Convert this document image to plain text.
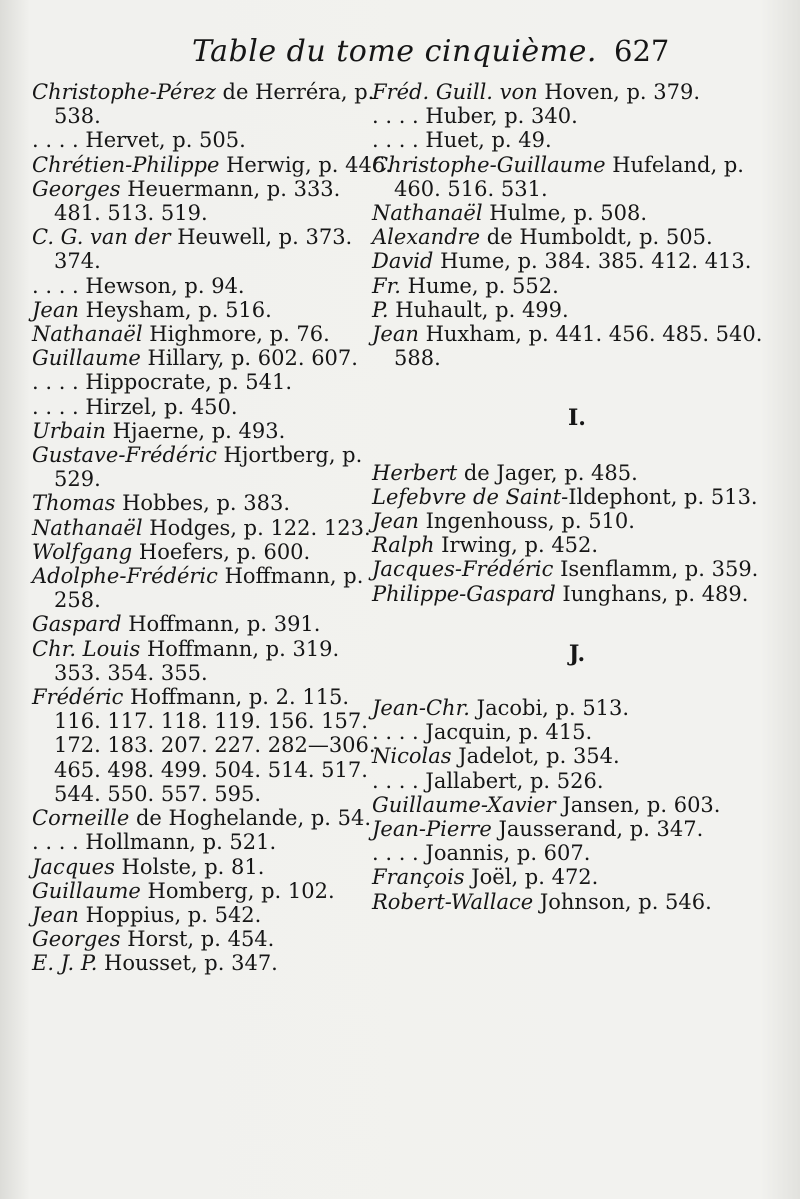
Table du tome cinquième. 627

Christophe-Pérez de Herréra, p. 538.

. . . . Hervet, p. 505.

Chrétien-Philippe Herwig, p. 446.

Georges Heuermann, p. 333. 481. 513. 519.

C. G. van der Heuwell, p. 373. 374.

. . . . Hewson, p. 94.

Jean Heysham, p. 516.

Nathanaël Highmore, p. 76.

Guillaume Hillary, p. 602. 607.

. . . . Hippocrate, p. 541.

. . . . Hirzel, p. 450.

Urbain Hjaerne, p. 493.

Gustave-Frédéric Hjortberg, p. 529.

Thomas Hobbes, p. 383.

Nathanaël Hodges, p. 122. 123.

Wolfgang Hoefers, p. 600.

Adolphe-Frédéric Hoffmann, p. 258.

Gaspard Hoffmann, p. 391.

Chr. Louis Hoffmann, p. 319. 353. 354. 355.

Frédéric Hoffmann, p. 2. 115. 116. 117. 118. 119. 156. 157. 172. 183. 207. 227. 282—306. 465. 498. 499. 504. 514. 517. 544. 550. 557. 595.

Corneille de Hoghelande, p. 54.

. . . . Hollmann, p. 521.

Jacques Holste, p. 81.

Guillaume Homberg, p. 102.

Jean Hoppius, p. 542.

Georges Horst, p. 454.

E. J. P. Housset, p. 347.

Fréd. Guill. von Hoven, p. 379.

. . . . Huber, p. 340.

. . . . Huet, p. 49.

Christophe-Guillaume Hufeland, p. 460. 516. 531.

Nathanaël Hulme, p. 508.

Alexandre de Humboldt, p. 505.

David Hume, p. 384. 385. 412. 413.

Fr. Hume, p. 552.

P. Huhault, p. 499.

Jean Huxham, p. 441. 456. 485. 540. 588.

I.

Herbert de Jager, p. 485.

Lefebvre de Saint-Ildephont, p. 513.

Jean Ingenhouss, p. 510.

Ralph Irwing, p. 452.

Jacques-Frédéric Isenflamm, p. 359.

Philippe-Gaspard Iunghans, p. 489.

J.

Jean-Chr. Jacobi, p. 513.

. . . . Jacquin, p. 415.

Nicolas Jadelot, p. 354.

. . . . Jallabert, p. 526.

Guillaume-Xavier Jansen, p. 603.

Jean-Pierre Jausserand, p. 347.

. . . . Joannis, p. 607.

François Joël, p. 472.

Robert-Wallace Johnson, p. 546.
